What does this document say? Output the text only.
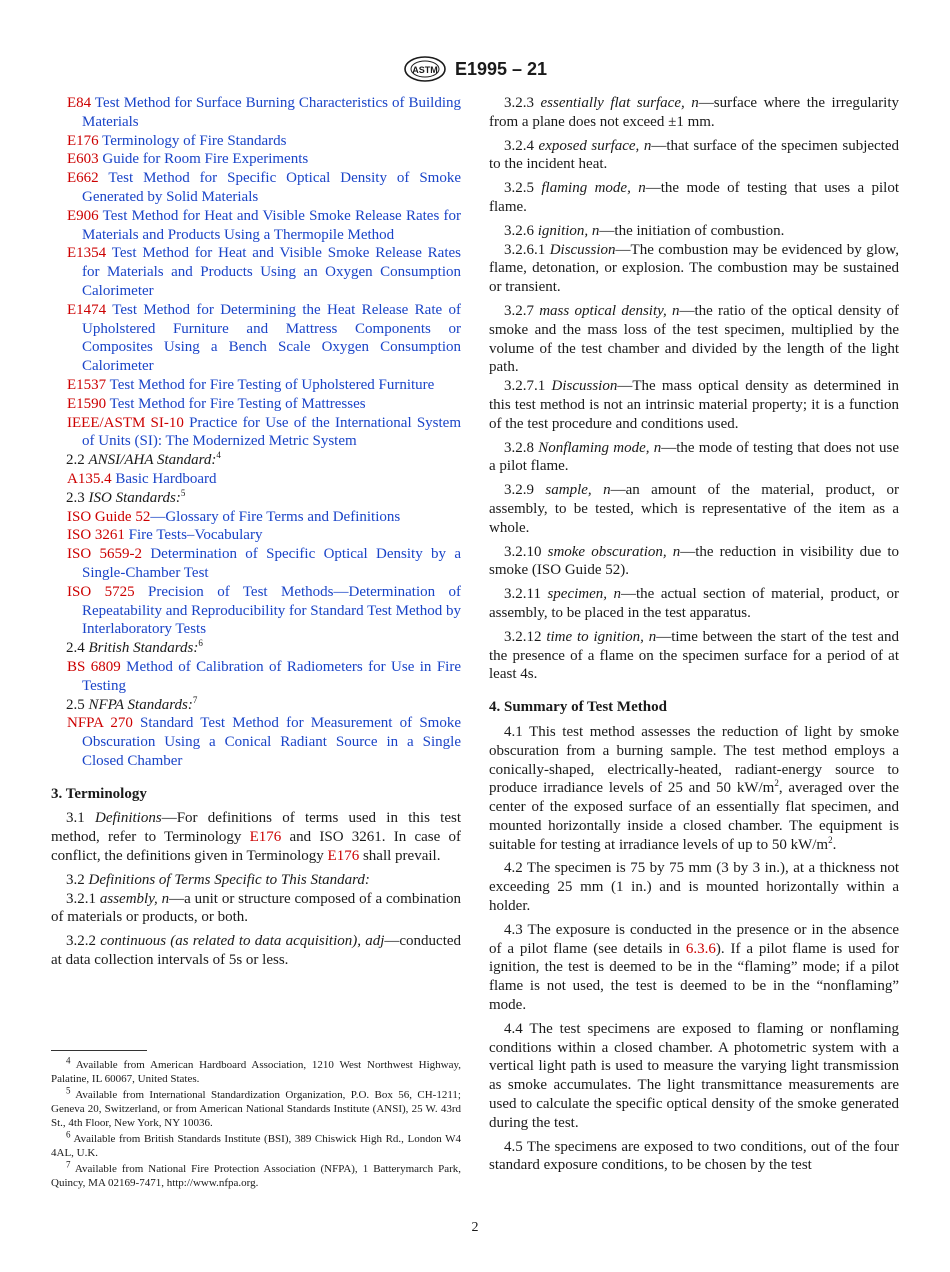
ASTM E1995 – 21

E84 Test Method for Surface Burning Characteristics of Building Materials

E176 Terminology of Fire Standards

E603 Guide for Room Fire Experiments

E662 Test Method for Specific Optical Density of Smoke Generated by Solid Materials

E906 Test Method for Heat and Visible Smoke Release Rates for Materials and Products Using a Thermopile Method

E1354 Test Method for Heat and Visible Smoke Release Rates for Materials and Products Using an Oxygen Consumption Calorimeter

E1474 Test Method for Determining the Heat Release Rate of Upholstered Furniture and Mattress Components or Composites Using a Bench Scale Oxygen Consumption Calorimeter

E1537 Test Method for Fire Testing of Upholstered Furniture

E1590 Test Method for Fire Testing of Mattresses

IEEE/ASTM SI-10 Practice for Use of the International System of Units (SI): The Modernized Metric System

2.2 ANSI/AHA Standard:$^4$

A135.4 Basic Hardboard

2.3 ISO Standards:$^5$

ISO Guide 52—Glossary of Fire Terms and Definitions

ISO 3261 Fire Tests–Vocabulary

ISO 5659-2 Determination of Specific Optical Density by a Single-Chamber Test

ISO 5725 Precision of Test Methods—Determination of Repeatability and Reproducibility for Standard Test Method by Interlaboratory Tests

2.4 British Standards:$^6$

BS 6809 Method of Calibration of Radiometers for Use in Fire Testing

2.5 NFPA Standards:$^7$

NFPA 270 Standard Test Method for Measurement of Smoke Obscuration Using a Conical Radiant Source in a Single Closed Chamber

3. Terminology

3.1 Definitions—For definitions of terms used in this test method, refer to Terminology E176 and ISO 3261. In case of conflict, the definitions given in Terminology E176 shall prevail.

3.2 Definitions of Terms Specific to This Standard:

3.2.1 assembly, n—a unit or structure composed of a combination of materials or products, or both.

3.2.2 continuous (as related to data acquisition), adj—conducted at data collection intervals of 5s or less.

3.2.3 essentially flat surface, n—surface where the irregularity from a plane does not exceed ±1 mm.

3.2.4 exposed surface, n—that surface of the specimen subjected to the incident heat.

3.2.5 flaming mode, n—the mode of testing that uses a pilot flame.

3.2.6 ignition, n—the initiation of combustion.

3.2.6.1 Discussion—The combustion may be evidenced by glow, flame, detonation, or explosion. The combustion may be sustained or transient.

3.2.7 mass optical density, n—the ratio of the optical density of smoke and the mass loss of the test specimen, multiplied by the volume of the test chamber and divided by the length of the light path.

3.2.7.1 Discussion—The mass optical density as determined in this test method is not an intrinsic material property; it is a function of the test procedure and conditions used.

3.2.8 Nonflaming mode, n—the mode of testing that does not use a pilot flame.

3.2.9 sample, n—an amount of the material, product, or assembly, to be tested, which is representative of the item as a whole.

3.2.10 smoke obscuration, n—the reduction in visibility due to smoke (ISO Guide 52).

3.2.11 specimen, n—the actual section of material, product, or assembly, to be placed in the test apparatus.

3.2.12 time to ignition, n—time between the start of the test and the presence of a flame on the specimen surface for a period of at least 4s.

4. Summary of Test Method

4.1 This test method assesses the reduction of light by smoke obscuration from a burning sample. The test method employs a conically-shaped, electrically-heated, radiant-energy source to produce irradiance levels of 25 and 50 $kW/m^2$, averaged over the center of the exposed surface of an essentially flat specimen, and mounted horizontally inside a closed chamber. The equipment is suitable for testing at irradiance levels of up to 50 $kW/m^2$.

4.2 The specimen is 75 by 75 mm (3 by 3 in.), at a thickness not exceeding 25 mm (1 in.) and is mounted horizontally within a holder.

4.3 The exposure is conducted in the presence or in the absence of a pilot flame (see details in 6.3.6). If a pilot flame is used for ignition, the test is deemed to be in the “flaming” mode; if a pilot flame is not used, the test is deemed to be in the “nonflaming” mode.

4.4 The test specimens are exposed to flaming or nonflaming conditions within a closed chamber. A photometric system with a vertical light path is used to measure the varying light transmission as smoke accumulates. The light transmittance measurements are used to calculate the specific optical density of the smoke generated during the test.

4.5 The specimens are exposed to two conditions, out of the four standard exposure conditions, to be chosen by the test

$^4$ Available from American Hardboard Association, 1210 West Northwest Highway, Palatine, IL 60067, United States.

$^5$ Available from International Standardization Organization, P.O. Box 56, CH-1211; Geneva 20, Switzerland, or from American National Standards Institute (ANSI), 25 W. 43rd St., 4th Floor, New York, NY 10036.

$^6$ Available from British Standards Institute (BSI), 389 Chiswick High Rd., London W4 4AL, U.K.

$^7$ Available from National Fire Protection Association (NFPA), 1 Batterymarch Park, Quincy, MA 02169-7471, http://www.nfpa.org.

2
